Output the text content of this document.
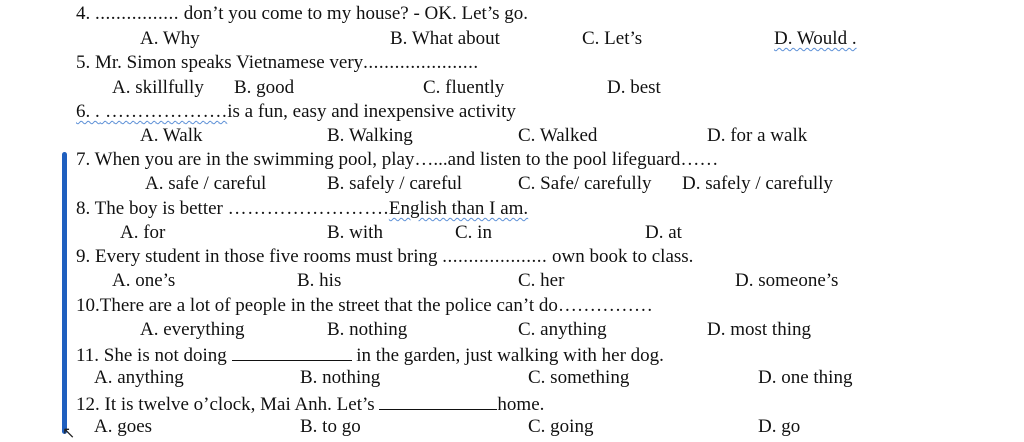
4. ................ don’t you come to my house? - OK. Let’s go.
A. Why	B. What about	C. Let’s	D. Would .
5. Mr. Simon speaks Vietnamese very......................
A. skillfully B. good	C. fluently	D. best
6. . ……………….is a fun, easy and inexpensive activity
A. Walk	B. Walking	C. Walked	D. for a walk
7. When you are in the swimming pool, play…...and listen to the pool lifeguard……
A. safe / careful	B. safely / careful	C. Safe/ carefully D. safely / carefully
8. The boy is better …………………….English than I am.
A. for	B. with	C. in	D. at
9. Every student in those five rooms must bring .................... own book to class.
A. one’s	B. his	C. her	D. someone’s
10.There are a lot of people in the street that the police can’t do……………
A. everything	B. nothing	C. anything	D. most thing
11. She is not doing	in the garden, just walking with her dog.
A. anything	B. nothing	C. something	D. one thing
12. It is twelve o’clock, Mai Anh. Let’s	home.
A. goes	B. to go	C. going	D. go
↖
